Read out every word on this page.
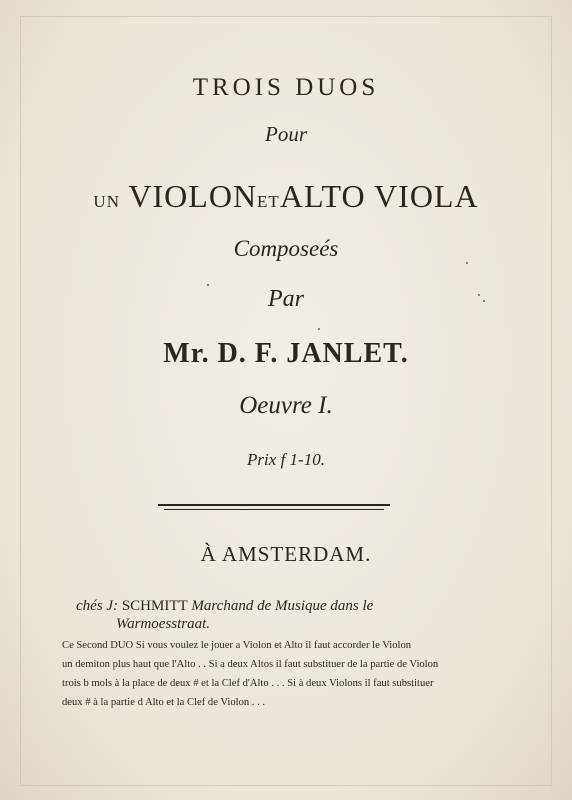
TROIS DUOS
Pour
UN VIOLONETALTO VIOLA
Composeés
Par
Mr. D. F. JANLET.
Oeuvre I.
Prix f 1-10.
À AMSTERDAM.
chés J: SCHMITT Marchand de Musique dans le
Warmoesstraat.
Ce Second DUO Si vous voulez le jouer a Violon et Alto il faut accorder le Violon
un demiton plus haut que l'Alto . . Si a deux Altos il faut substituer de la partie de Violon
trois b mols à la place de deux # et la Clef d'Alto . . . Si à deux Violons il faut substituer
deux # à la partie d Alto et la Clef de Violon . . .
